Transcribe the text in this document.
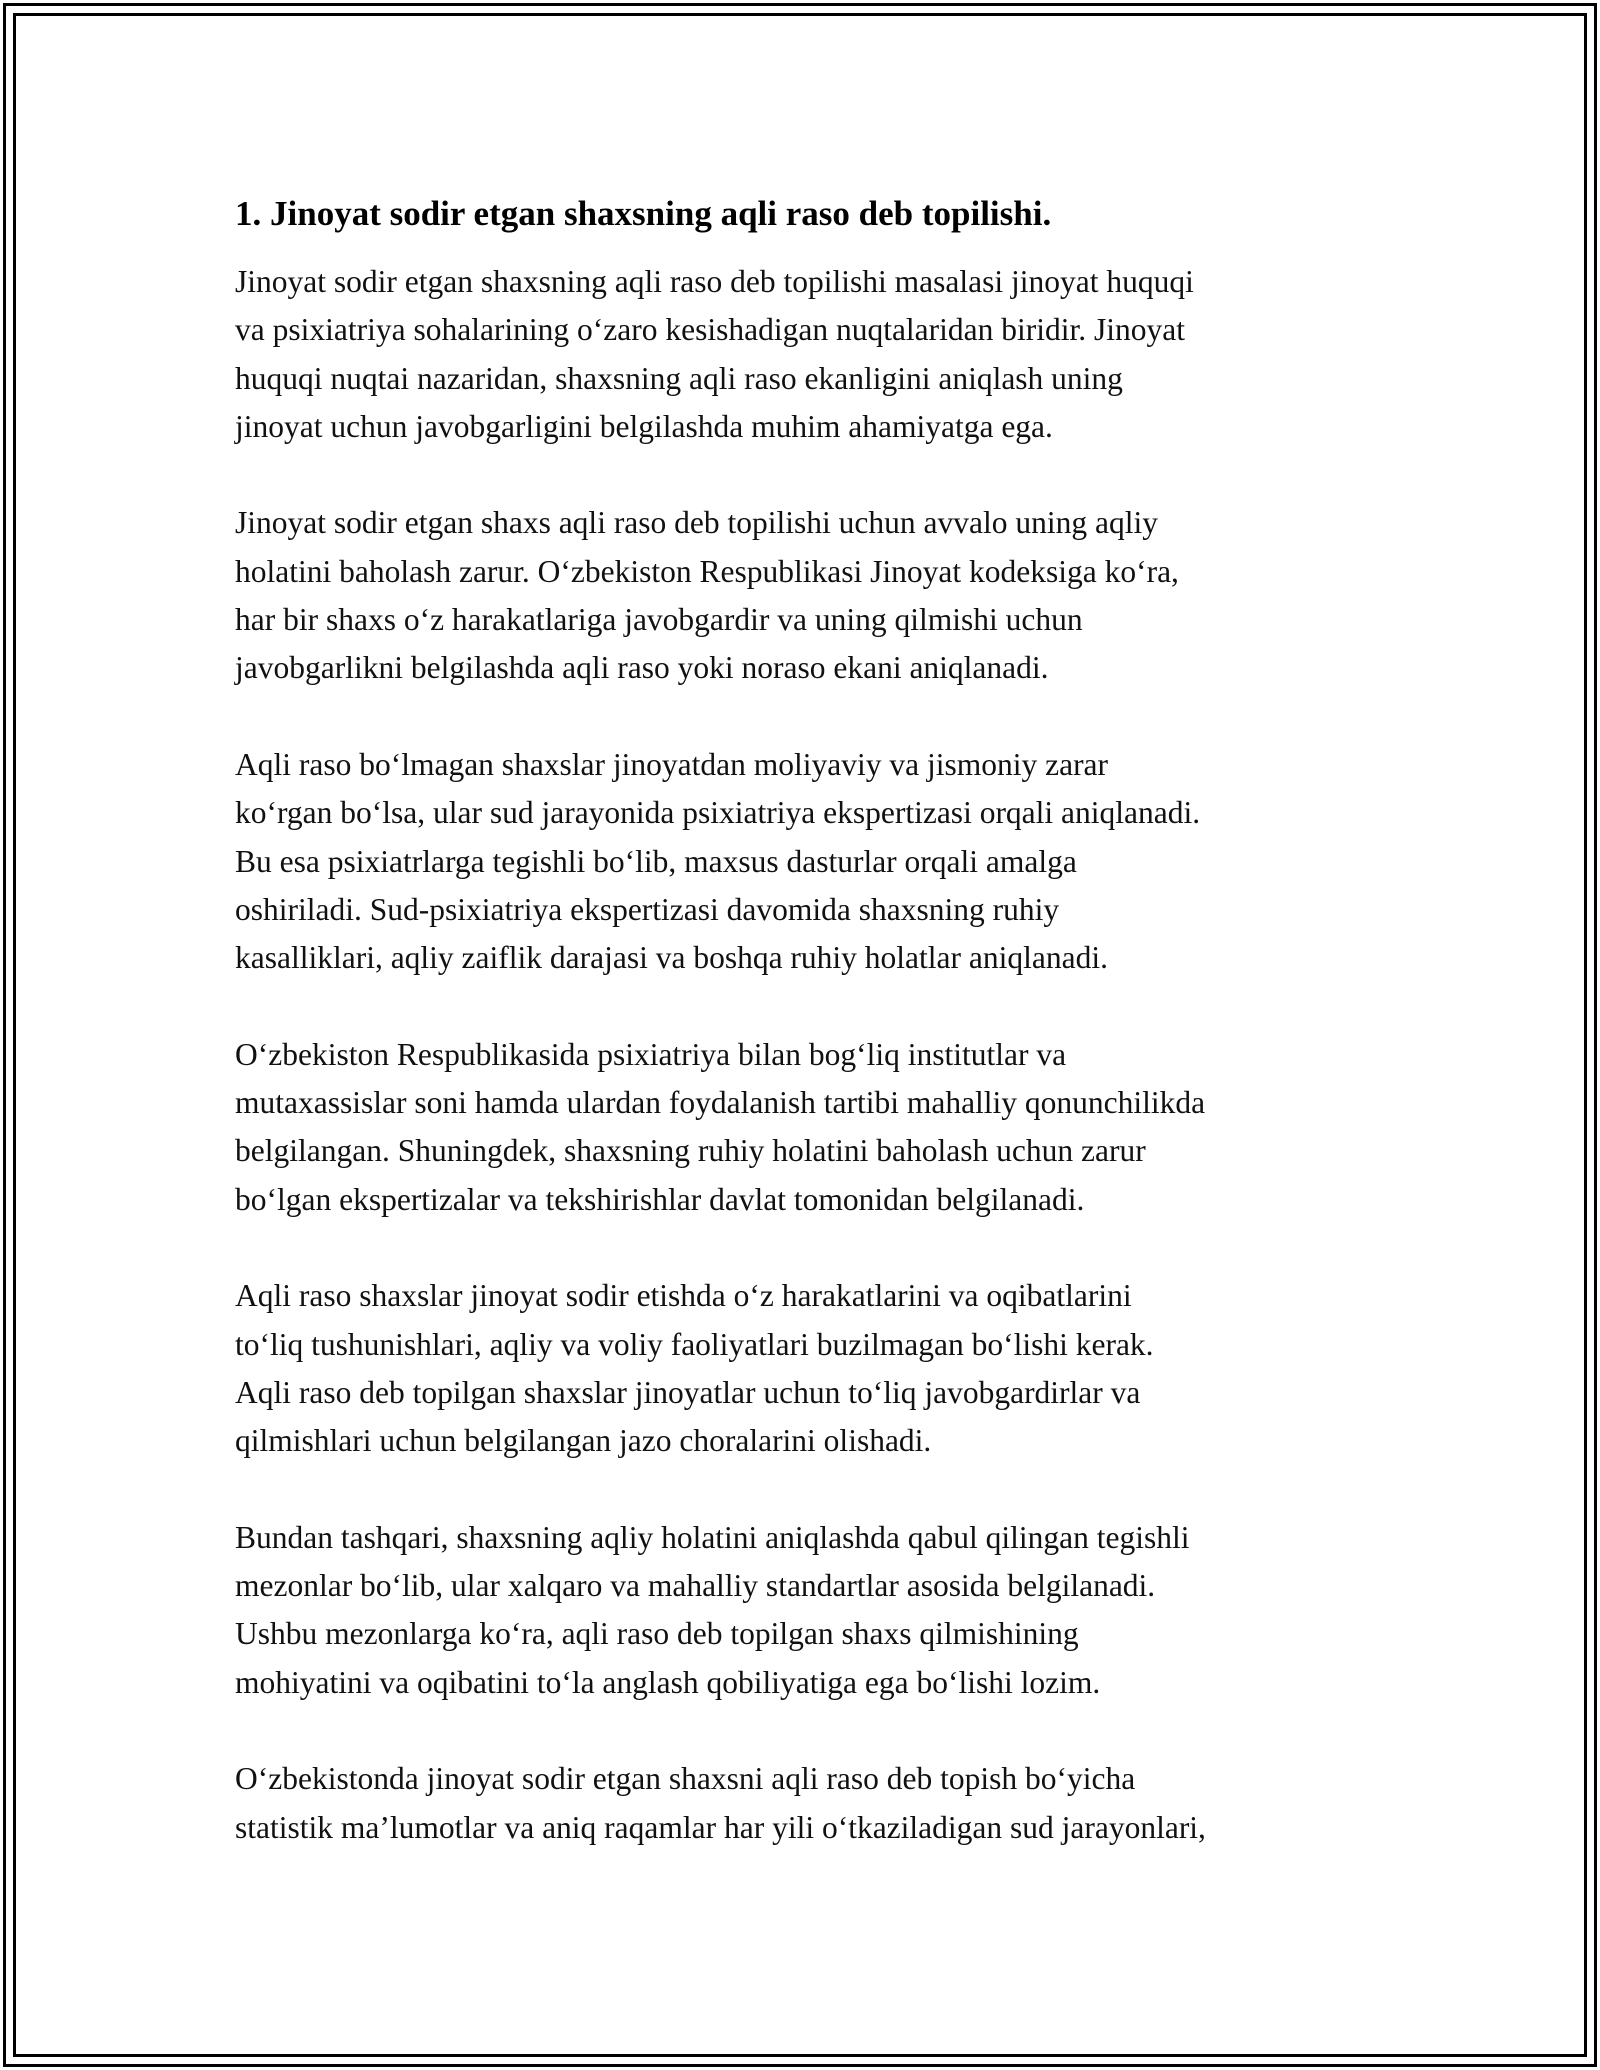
1. Jinoyat sodir etgan shaxsning aqli raso deb topilishi.

Jinoyat sodir etgan shaxsning aqli raso deb topilishi masalasi jinoyat huquqi
va psixiatriya sohalarining o‘zaro kesishadigan nuqtalaridan biridir. Jinoyat
huquqi nuqtai nazaridan, shaxsning aqli raso ekanligini aniqlash uning
jinoyat uchun javobgarligini belgilashda muhim ahamiyatga ega.

Jinoyat sodir etgan shaxs aqli raso deb topilishi uchun avvalo uning aqliy
holatini baholash zarur. O‘zbekiston Respublikasi Jinoyat kodeksiga ko‘ra,
har bir shaxs o‘z harakatlariga javobgardir va uning qilmishi uchun
javobgarlikni belgilashda aqli raso yoki noraso ekani aniqlanadi.

Aqli raso bo‘lmagan shaxslar jinoyatdan moliyaviy va jismoniy zarar
ko‘rgan bo‘lsa, ular sud jarayonida psixiatriya ekspertizasi orqali aniqlanadi.
Bu esa psixiatrlarga tegishli bo‘lib, maxsus dasturlar orqali amalga
oshiriladi. Sud-psixiatriya ekspertizasi davomida shaxsning ruhiy
kasalliklari, aqliy zaiflik darajasi va boshqa ruhiy holatlar aniqlanadi.

O‘zbekiston Respublikasida psixiatriya bilan bog‘liq institutlar va
mutaxassislar soni hamda ulardan foydalanish tartibi mahalliy qonunchilikda
belgilangan. Shuningdek, shaxsning ruhiy holatini baholash uchun zarur
bo‘lgan ekspertizalar va tekshirishlar davlat tomonidan belgilanadi.

Aqli raso shaxslar jinoyat sodir etishda o‘z harakatlarini va oqibatlarini
to‘liq tushunishlari, aqliy va voliy faoliyatlari buzilmagan bo‘lishi kerak.
Aqli raso deb topilgan shaxslar jinoyatlar uchun to‘liq javobgardirlar va
qilmishlari uchun belgilangan jazo choralarini olishadi.

Bundan tashqari, shaxsning aqliy holatini aniqlashda qabul qilingan tegishli
mezonlar bo‘lib, ular xalqaro va mahalliy standartlar asosida belgilanadi.
Ushbu mezonlarga ko‘ra, aqli raso deb topilgan shaxs qilmishining
mohiyatini va oqibatini to‘la anglash qobiliyatiga ega bo‘lishi lozim.

O‘zbekistonda jinoyat sodir etgan shaxsni aqli raso deb topish bo‘yicha
statistik ma’lumotlar va aniq raqamlar har yili o‘tkaziladigan sud jarayonlari,
